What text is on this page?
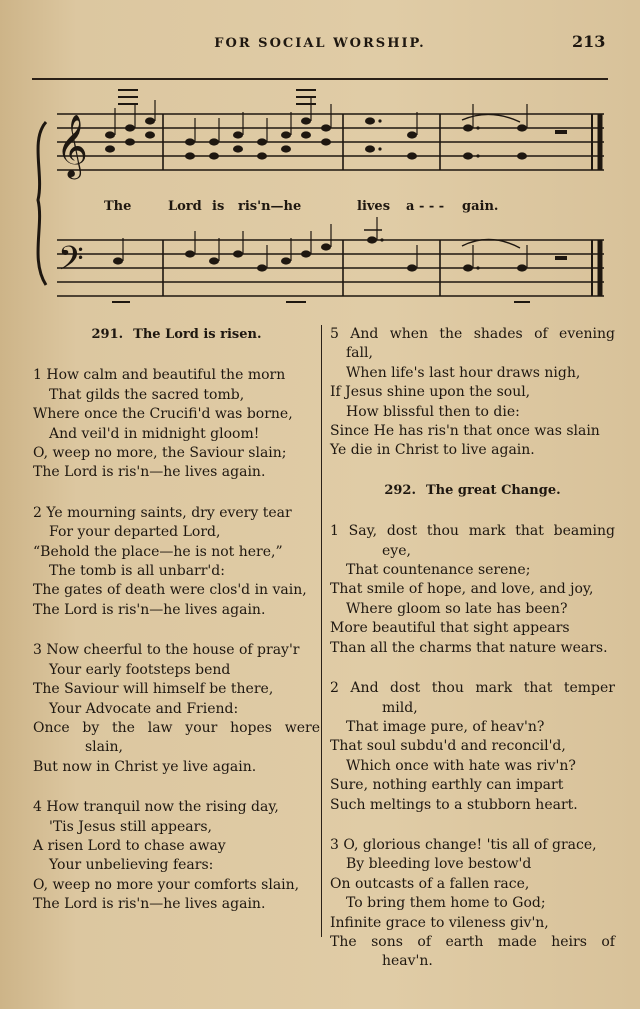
FOR SOCIAL WORSHIP.	213
𝄞
𝄢
The	Lord is ris'n—he	lives a - - - gain.
291. The Lord is risen.
1 How calm and beautiful the morn
That gilds the sacred tomb,
Where once the Crucifi'd was borne,
And veil'd in midnight gloom!
O, weep no more, the Saviour slain;
The Lord is ris'n—he lives again.
2 Ye mourning saints, dry every tear
For your departed Lord,
“Behold the place—he is not here,”
The tomb is all unbarr'd:
The gates of death were clos'd in vain,
The Lord is ris'n—he lives again.
3 Now cheerful to the house of pray'r
Your early footsteps bend
The Saviour will himself be there,
Your Advocate and Friend:
Once by the law your hopes were
slain,
But now in Christ ye live again.
4 How tranquil now the rising day,
'Tis Jesus still appears,
A risen Lord to chase away
Your unbelieving fears:
O, weep no more your comforts slain,
The Lord is ris'n—he lives again.
5 And when the shades of evening
fall,
When life's last hour draws nigh,
If Jesus shine upon the soul,
How blissful then to die:
Since He has ris'n that once was slain
Ye die in Christ to live again.
292. The great Change.
1 Say, dost thou mark that beaming
eye,
That countenance serene;
That smile of hope, and love, and joy,
Where gloom so late has been?
More beautiful that sight appears
Than all the charms that nature wears.
2 And dost thou mark that temper
mild,
That image pure, of heav'n?
That soul subdu'd and reconcil'd,
Which once with hate was riv'n?
Sure, nothing earthly can impart
Such meltings to a stubborn heart.
3 O, glorious change! 'tis all of grace,
By bleeding love bestow'd
On outcasts of a fallen race,
To bring them home to God;
Infinite grace to vileness giv'n,
The sons of earth made heirs of
heav'n.
